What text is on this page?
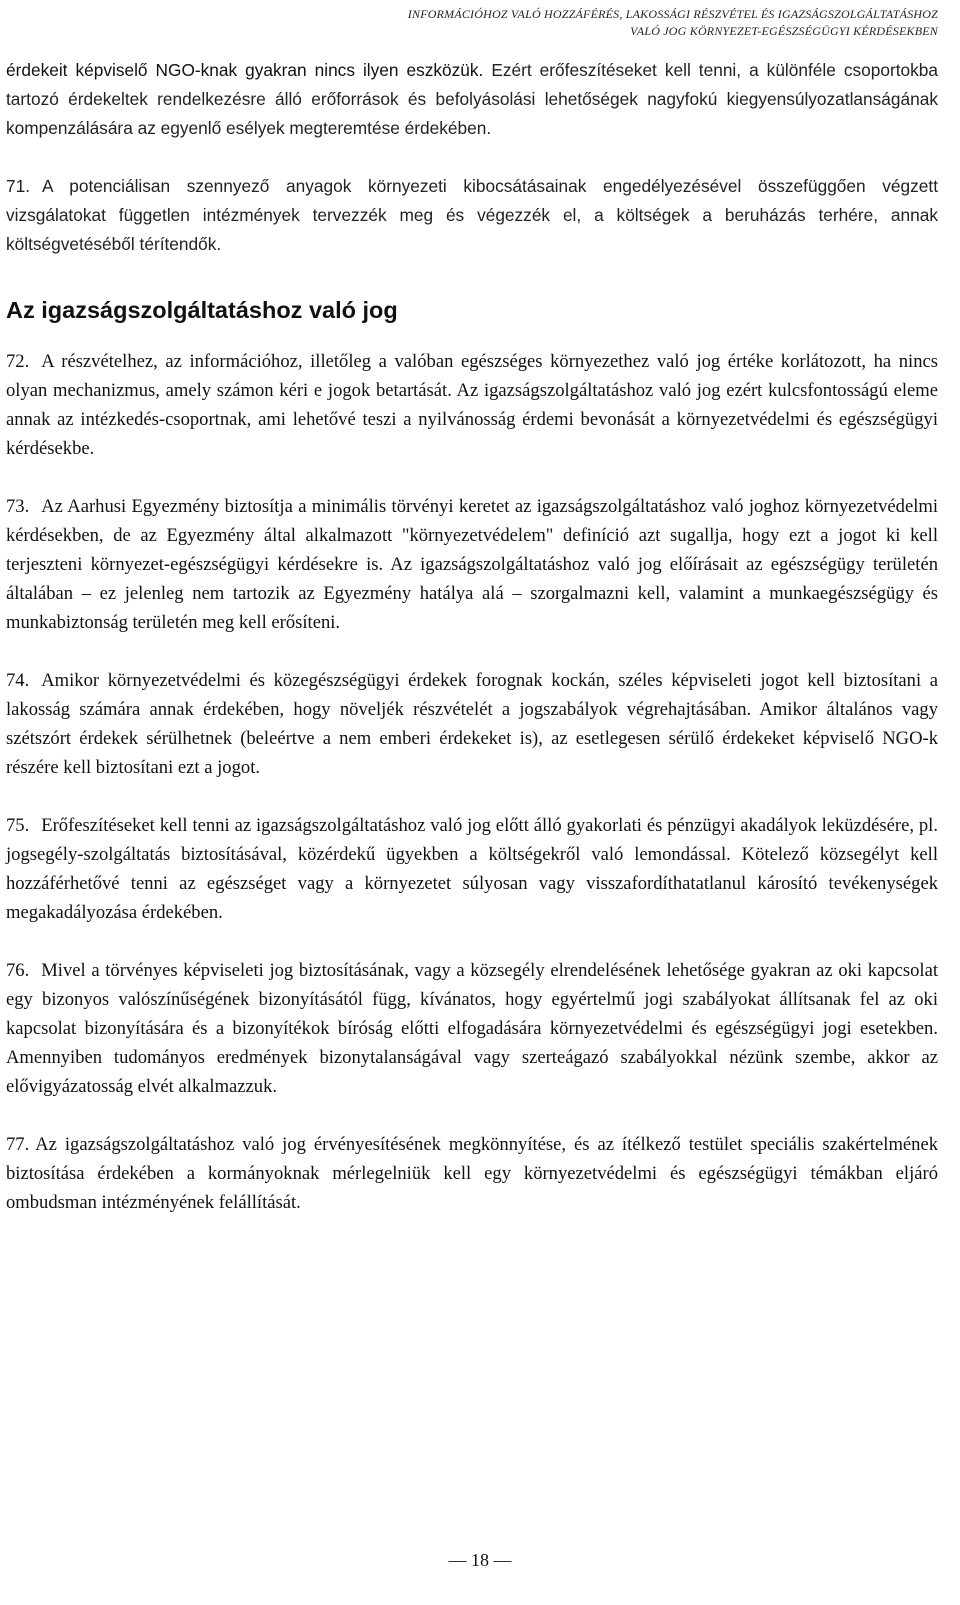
INFORMÁCIÓHOZ VALÓ HOZZÁFÉRÉS, LAKOSSÁGI RÉSZVÉTEL ÉS IGAZSÁGSZOLGÁLTATÁSHOZ
VALÓ JOG KÖRNYEZET-EGÉSZSÉGÜGYI KÉRDÉSEKBEN

érdekeit képviselő NGO-knak gyakran nincs ilyen eszközük. Ezért erőfeszítéseket kell tenni, a különféle csoportokba tartozó érdekeltek rendelkezésre álló erőforrások és befolyásolási lehetőségek nagyfokú kiegyensúlyozatlanságának kompenzálására az egyenlő esélyek megteremtése érdekében.

71. A potenciálisan szennyező anyagok környezeti kibocsátásainak engedélyezésével összefüggően végzett vizsgálatokat független intézmények tervezzék meg és végezzék el, a költségek a beruházás terhére, annak költségvetéséből térítendők.

Az igazságszolgáltatáshoz való jog

72. A részvételhez, az információhoz, illetőleg a valóban egészséges környezethez való jog értéke korlátozott, ha nincs olyan mechanizmus, amely számon kéri e jogok betartását. Az igazságszolgáltatáshoz való jog ezért kulcsfontosságú eleme annak az intézkedés-csoportnak, ami lehetővé teszi a nyilvánosság érdemi bevonását a környezetvédelmi és egészségügyi kérdésekbe.

73. Az Aarhusi Egyezmény biztosítja a minimális törvényi keretet az igazságszolgáltatáshoz való joghoz környezetvédelmi kérdésekben, de az Egyezmény által alkalmazott "környezetvédelem" definíció azt sugallja, hogy ezt a jogot ki kell terjeszteni környezet-egészségügyi kérdésekre is. Az igazságszolgáltatáshoz való jog előírásait az egészségügy területén általában – ez jelenleg nem tartozik az Egyezmény hatálya alá – szorgalmazni kell, valamint a munkaegészségügy és munkabiztonság területén meg kell erősíteni.

74. Amikor környezetvédelmi és közegészségügyi érdekek forognak kockán, széles képviseleti jogot kell biztosítani a lakosság számára annak érdekében, hogy növeljék részvételét a jogszabályok végrehajtásában. Amikor általános vagy szétszórt érdekek sérülhetnek (beleértve a nem emberi érdekeket is), az esetlegesen sérülő érdekeket képviselő NGO-k részére kell biztosítani ezt a jogot.

75. Erőfeszítéseket kell tenni az igazságszolgáltatáshoz való jog előtt álló gyakorlati és pénzügyi akadályok leküzdésére, pl. jogsegély-szolgáltatás biztosításával, közérdekű ügyekben a költségekről való lemondással. Kötelező közsegélyt kell hozzáférhetővé tenni az egészséget vagy a környezetet súlyosan vagy visszafordíthatatlanul károsító tevékenységek megakadályozása érdekében.

76. Mivel a törvényes képviseleti jog biztosításának, vagy a közsegély elrendelésének lehetősége gyakran az oki kapcsolat egy bizonyos valószínűségének bizonyításától függ, kívánatos, hogy egyértelmű jogi szabályokat állítsanak fel az oki kapcsolat bizonyítására és a bizonyítékok bíróság előtti elfogadására környezetvédelmi és egészségügyi jogi esetekben. Amennyiben tudományos eredmények bizonytalanságával vagy szerteágazó szabályokkal nézünk szembe, akkor az elővigyázatosság elvét alkalmazzuk.

77. Az igazságszolgáltatáshoz való jog érvényesítésének megkönnyítése, és az ítélkező testület speciális szakértelmének biztosítása érdekében a kormányoknak mérlegelniük kell egy környezetvédelmi és egészségügyi témákban eljáró ombudsman intézményének felállítását.

— 18 —
